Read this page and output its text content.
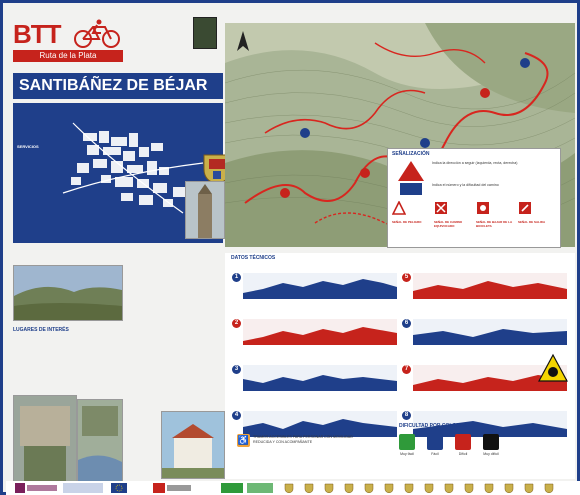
BTT
Ruta de la Plata
SANTIBÁÑEZ DE BÉJAR
SERVICIOS
LUGARES DE INTERÉS
SEÑALIZACIÓN
Indica la dirección a seguir (izquierda, recta, derecha)
Indica el número y la dificultad del camino
SEÑAL DE PELIGRO	SEÑAL DE CAMINO EQUIVOCADO
SEÑAL DE BAJAR DE LA BICICLETA
SEÑAL DE SALIDA
DATOS TÉCNICOS
1	5
2	6
3	7
4	8
♿ TRAMOS ACCESIBLES PARA PERSONAS CON MOVILIDAD REDUCIDA Y CON ACOMPAÑANTE
DIFICULTAD POR COLORES
Muy fácil	Fácil	Difícil	Muy difícil
